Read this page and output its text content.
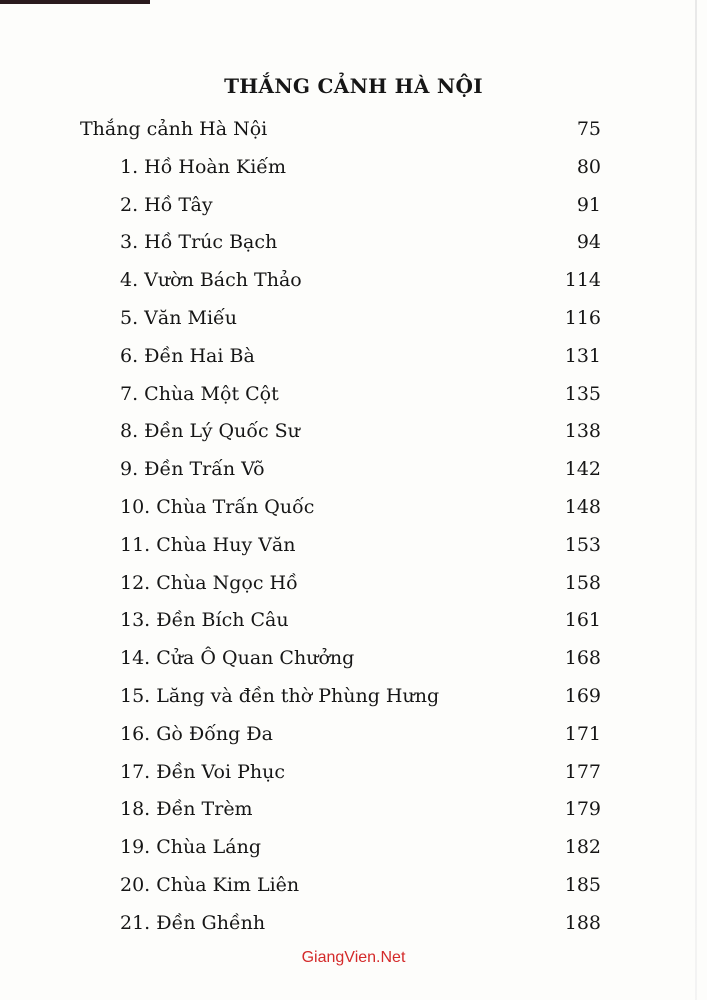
THẮNG CẢNH HÀ NỘI
Thắng cảnh Hà Nội	75
1. Hồ Hoàn Kiếm	80
2. Hồ Tây	91
3. Hồ Trúc Bạch	94
4. Vườn Bách Thảo	114
5. Văn Miếu	116
6. Đền Hai Bà	131
7. Chùa Một Cột	135
8. Đền Lý Quốc Sư	138
9. Đền Trấn Võ	142
10. Chùa Trấn Quốc	148
11. Chùa Huy Văn	153
12. Chùa Ngọc Hồ	158
13. Đền Bích Câu	161
14. Cửa Ô Quan Chưởng	168
15. Lăng và đền thờ Phùng Hưng	169
16. Gò Đống Đa	171
17. Đền Voi Phục	177
18. Đền Trèm	179
19. Chùa Láng	182
20. Chùa Kim Liên	185
21. Đền Ghềnh	188
GiangVien.Net
